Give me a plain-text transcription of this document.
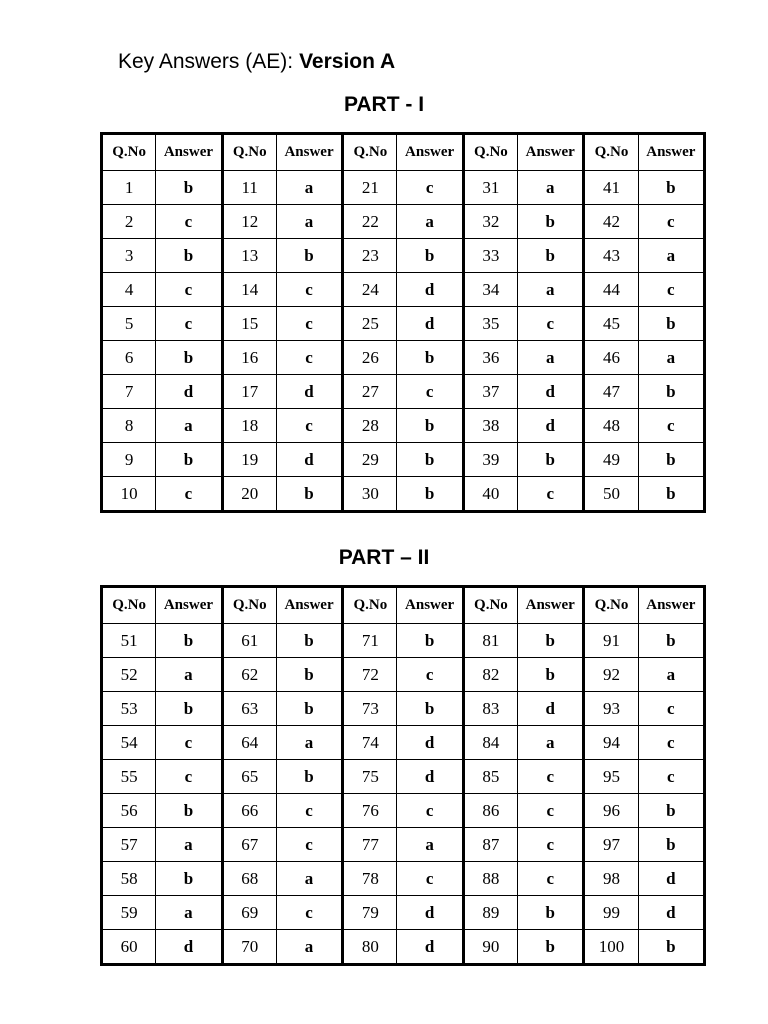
Key Answers (AE): Version A
PART - I
Q.No	Answer	Q.No	Answer	Q.No	Answer	Q.No	Answer	Q.No	Answer
1	b	11	a	21	c	31	a	41	b
2	c	12	a	22	a	32	b	42	c
3	b	13	b	23	b	33	b	43	a
4	c	14	c	24	d	34	a	44	c
5	c	15	c	25	d	35	c	45	b
6	b	16	c	26	b	36	a	46	a
7	d	17	d	27	c	37	d	47	b
8	a	18	c	28	b	38	d	48	c
9	b	19	d	29	b	39	b	49	b
10	c	20	b	30	b	40	c	50	b
PART – II
Q.No	Answer	Q.No	Answer	Q.No	Answer	Q.No	Answer	Q.No	Answer
51	b	61	b	71	b	81	b	91	b
52	a	62	b	72	c	82	b	92	a
53	b	63	b	73	b	83	d	93	c
54	c	64	a	74	d	84	a	94	c
55	c	65	b	75	d	85	c	95	c
56	b	66	c	76	c	86	c	96	b
57	a	67	c	77	a	87	c	97	b
58	b	68	a	78	c	88	c	98	d
59	a	69	c	79	d	89	b	99	d
60	d	70	a	80	d	90	b	100	b
